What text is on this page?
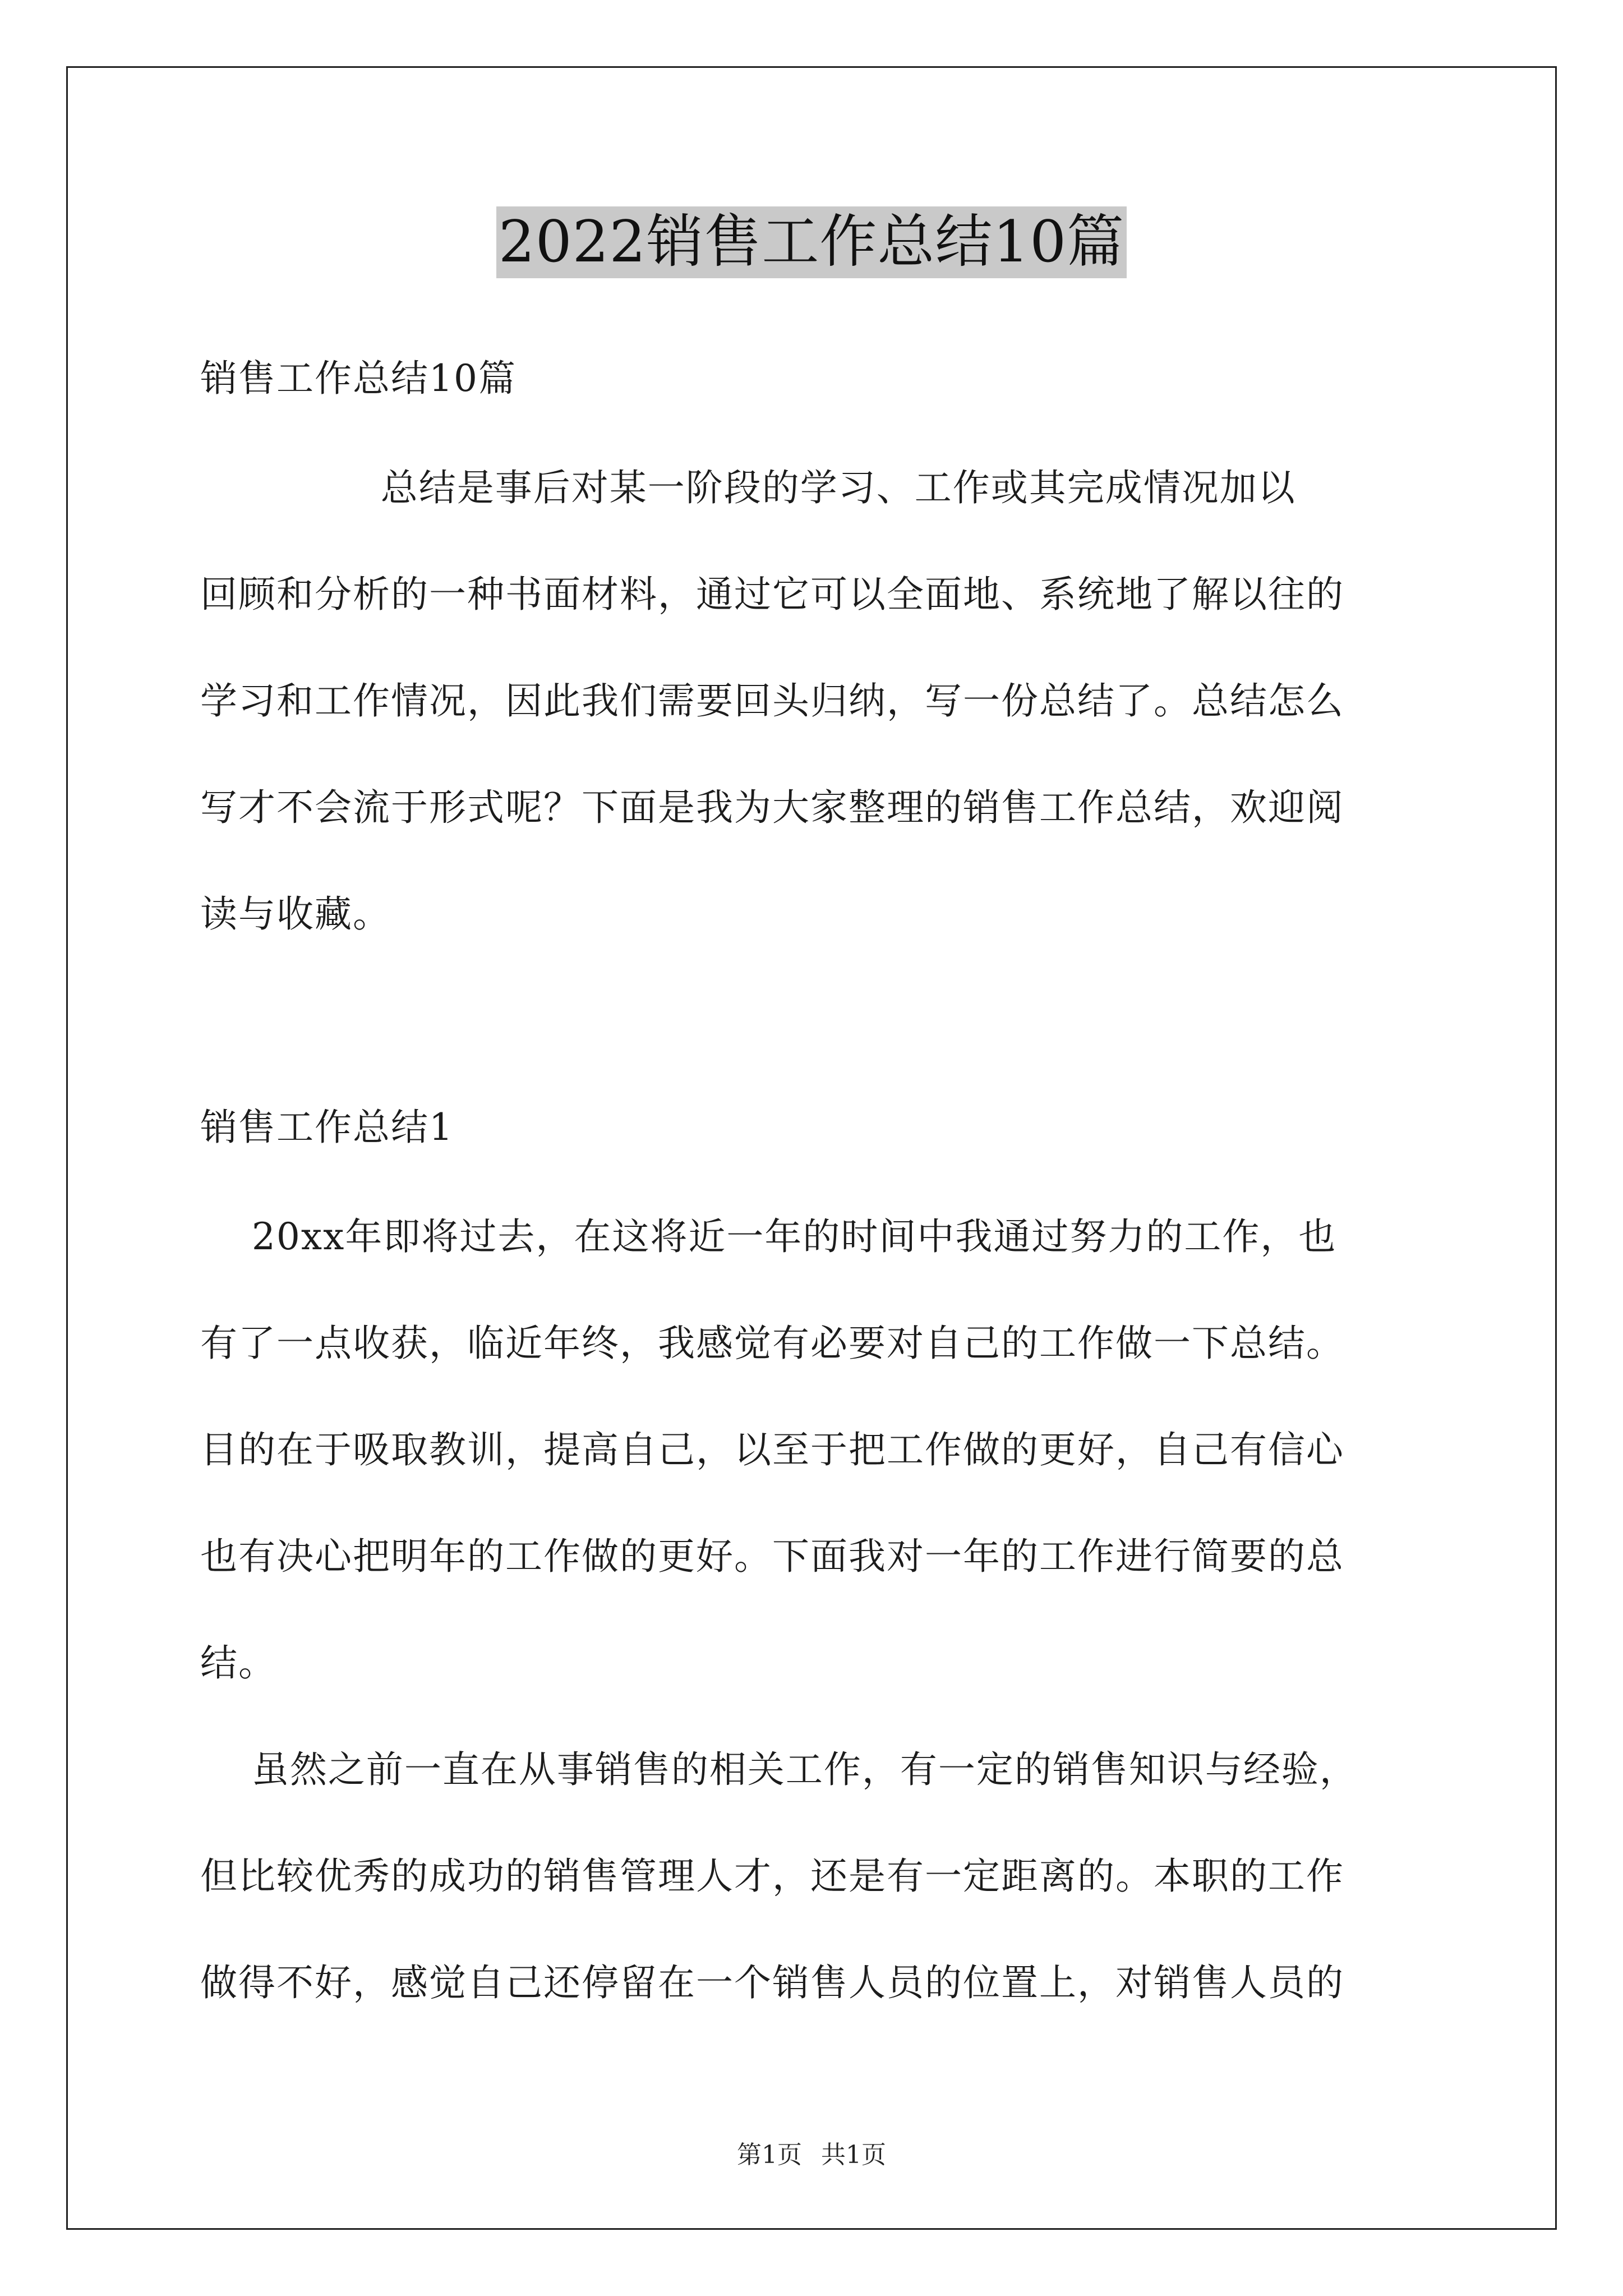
2022销售工作总结10篇
销售工作总结10篇
总结是事后对某一阶段的学习、工作或其完成情况加以
回顾和分析的一种书面材料，通过它可以全面地、系统地了解以往的
学习和工作情况，因此我们需要回头归纳，写一份总结了。总结怎么
写才不会流于形式呢？下面是我为大家整理的销售工作总结，欢迎阅
读与收藏。
销售工作总结1
20xx年即将过去，在这将近一年的时间中我通过努力的工作，也
有了一点收获，临近年终，我感觉有必要对自己的工作做一下总结。
目的在于吸取教训，提高自己，以至于把工作做的更好，自己有信心
也有决心把明年的工作做的更好。下面我对一年的工作进行简要的总
结。
虽然之前一直在从事销售的相关工作，有一定的销售知识与经验，
但比较优秀的成功的销售管理人才，还是有一定距离的。本职的工作
做得不好，感觉自己还停留在一个销售人员的位置上，对销售人员的
第1页 共1页
